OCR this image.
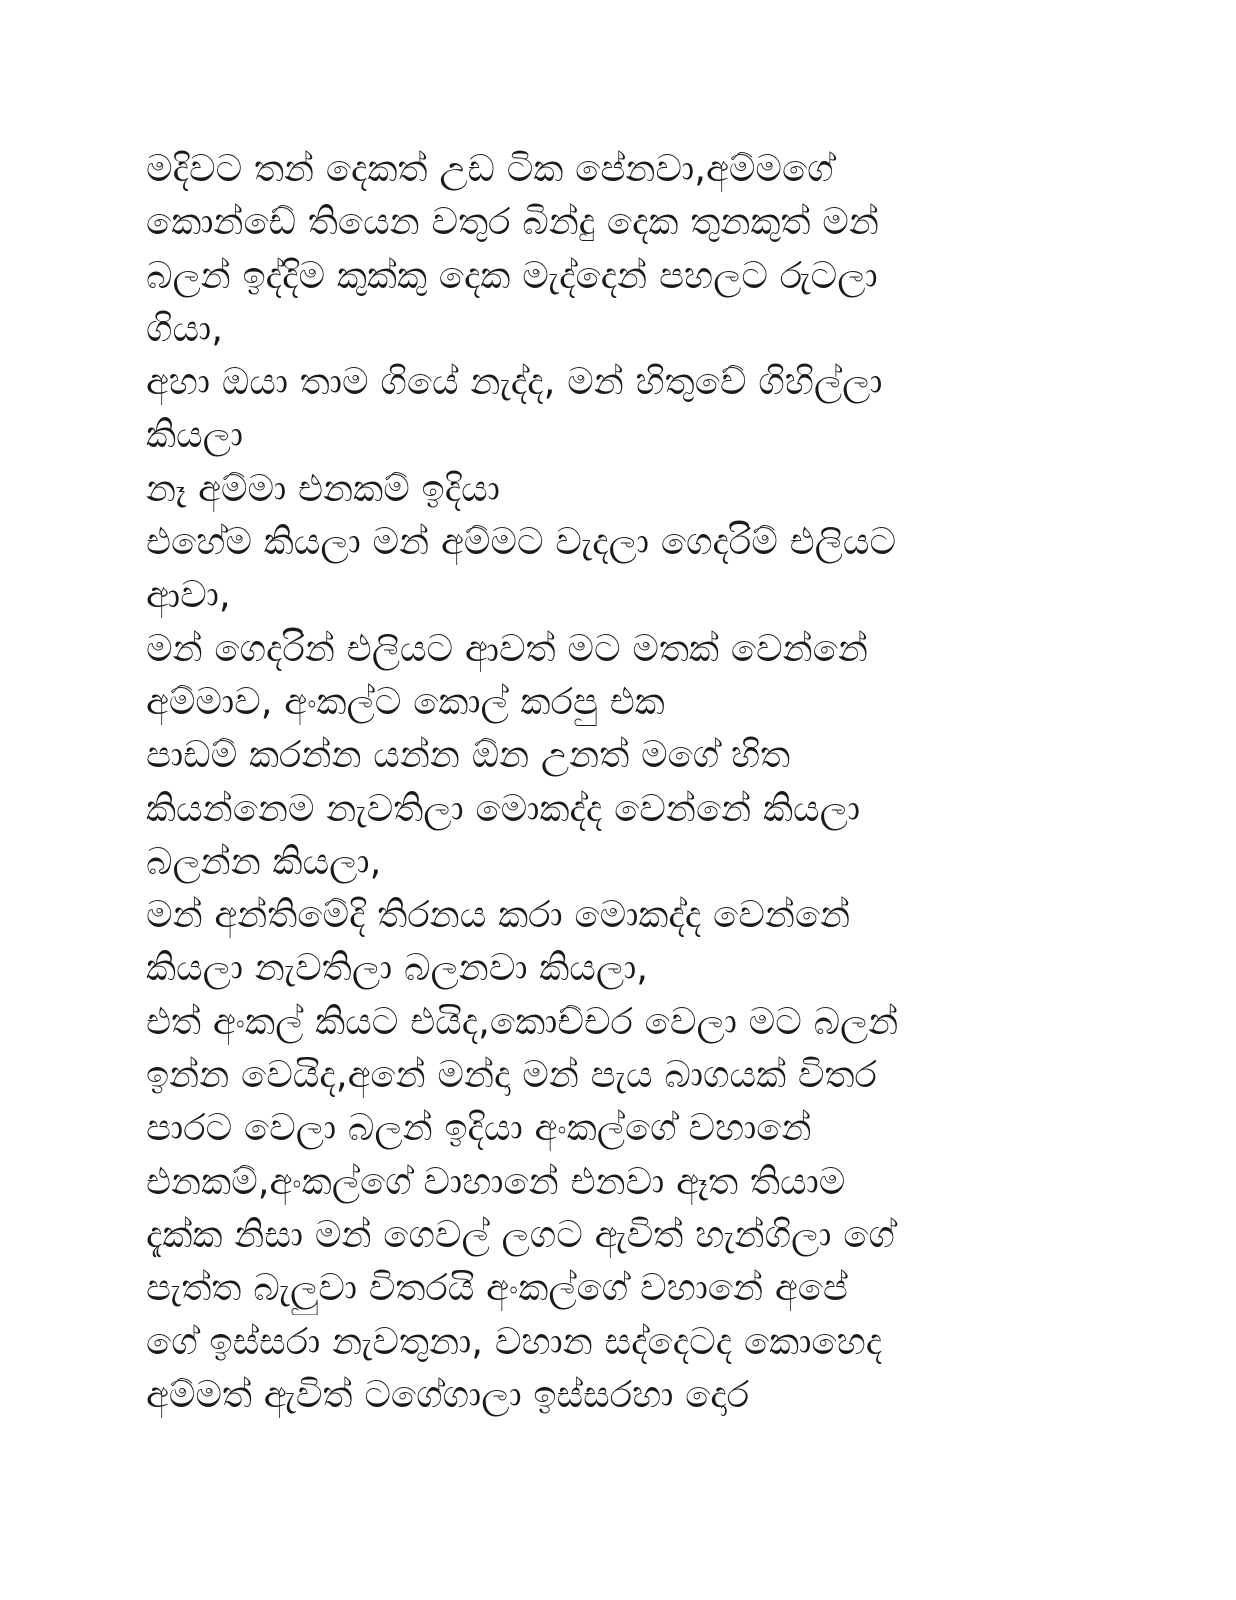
මදිවට තන් දෙකත් උඩ ටික පේනවා,අම්මගේ
කොන්ඩේ තියෙන වතුර බින්දු දෙක තුනකුත් මන්
බලන් ඉද්දිම කුක්කු දෙක මැද්දෙන් පහලට රුටලා
ගියා,
අහා ඔයා තාම ගියේ නැද්ද, මන් හිතුවේ ගිහිල්ලා
කියලා
නෑ අම්මා එනකම් ඉදියා
එහේම කියලා මන් අම්මට වැදලා ගෙදරිම් එලියට
ආවා,
මන් ගෙදරින් එලියට ආවත් මට මතක් වෙන්නේ
අම්මාව, අංකල්ට කොල් කරපු එක
පාඩම් කරන්න යන්න ඕන උනත් මගේ හිත
කියන්නෙම නැවතිලා මොකද්ද වෙන්නේ කියලා
බලන්න කියලා,
මන් අන්තිමේදි තිරනය කරා මොකද්ද වෙන්නේ
කියලා නැවතිලා බලනවා කියලා,
එත් අංකල් කියට එයිද,කොච්චර වෙලා මට බලන්
ඉන්න වෙයිද,අනේ මන්දා මන් පැය බාගයක් විතර
පාරට වෙලා බලන් ඉදියා අංකල්ගේ වහානේ
එනකම්,අංකල්ගේ වාහානේ එනවා ඈත තියාම
දැක්ක නිසා මන් ගෙවල් ලගට ඇවිත් හැන්ගිලා ගේ
පැත්ත බැලුවා විතරයි අංකල්ගේ වහානේ අපේ
ගේ ඉස්සරා නැවතුනා, වහාන සද්දෙටද කොහෙද
අම්මත් ඇවිත් ටගේගාලා ඉස්සරහා දොර
